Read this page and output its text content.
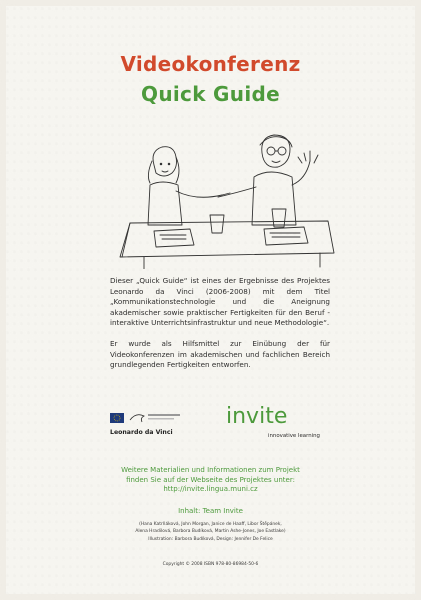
Videokonferenz
Quick Guide
Dieser „Quick Guide“ ist eines der Ergebnisse des Projektes Leonardo da Vinci (2006-2008) mit dem Titel „Kommunikationstechnologie und die Aneignung akademischer sowie praktischer Fertigkeiten für den Beruf - interaktive Unterrichtsinfrastruktur und neue Methodologie“.
Er wurde als Hilfsmittel zur Einübung der für Videokonferenzen im akademischen und fachlichen Bereich grundlegenden Fertigkeiten entworfen.
Leonardo da Vinci
invite
innovative learning
Weitere Materialien und Informationen zum Projekt
finden Sie auf der Webseite des Projektes unter:
http://invite.lingua.muni.cz
Inhalt: Team Invite
(Hana Katrňáková, John Morgan, Janice de Haaff, Libor Štěpánek,
Alena Hradilová, Barbora Budíková, Martin Ashe-Jones, Joe Eastlake)
Illustration: Barbora Budíková, Design: Jennifer De Felice
Copyright © 2008 ISBN 978-80-86984-50-6
